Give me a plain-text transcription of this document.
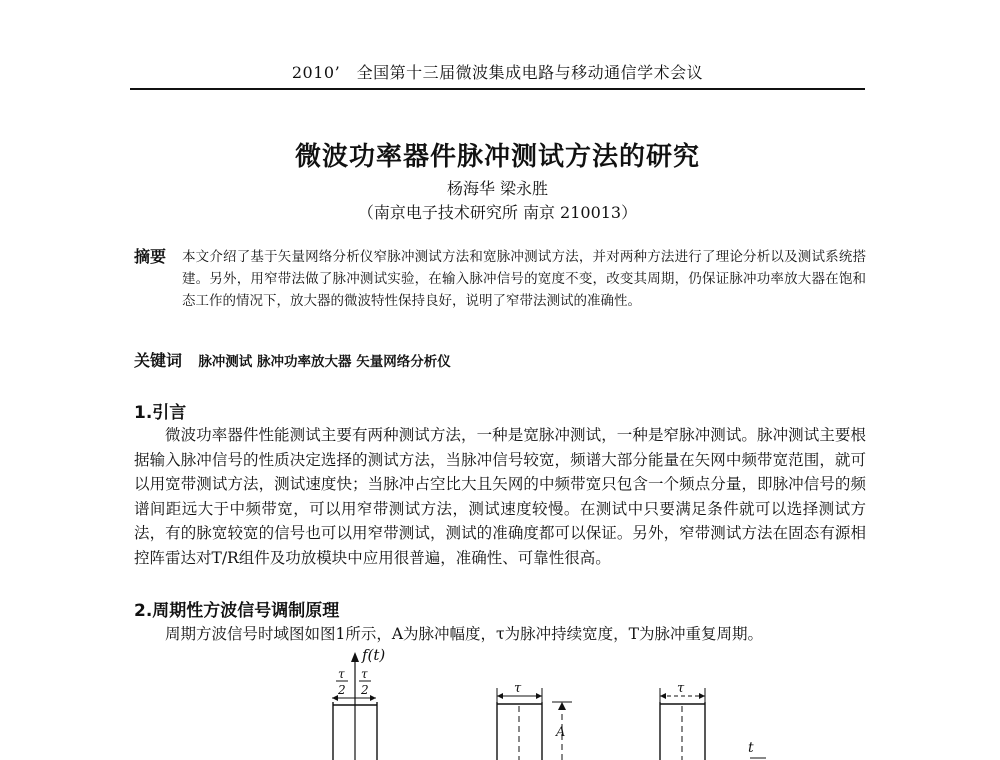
2010’　全国第十三届微波集成电路与移动通信学术会议
微波功率器件脉冲测试方法的研究
杨海华 梁永胜
（南京电子技术研究所 南京 210013）
摘要	本文介绍了基于矢量网络分析仪窄脉冲测试方法和宽脉冲测试方法，并对两种方法进行了理论分析以及测试系统搭建。另外，用窄带法做了脉冲测试实验，在输入脉冲信号的宽度不变，改变其周期，仍保证脉冲功率放大器在饱和态工作的情况下，放大器的微波特性保持良好，说明了窄带法测试的准确性。
关键词 脉冲测试 脉冲功率放大器 矢量网络分析仪
1.引言
微波功率器件性能测试主要有两种测试方法，一种是宽脉冲测试，一种是窄脉冲测试。脉冲测试主要根据输入脉冲信号的性质决定选择的测试方法，当脉冲信号较宽，频谱大部分能量在矢网中频带宽范围，就可以用宽带测试方法，测试速度快；当脉冲占空比大且矢网的中频带宽只包含一个频点分量，即脉冲信号的频谱间距远大于中频带宽，可以用窄带测试方法，测试速度较慢。在测试中只要满足条件就可以选择测试方法，有的脉宽较宽的信号也可以用窄带测试，测试的准确度都可以保证。另外，窄带测试方法在固态有源相控阵雷达对T/R组件及功放模块中应用很普遍，准确性、可靠性很高。
2.周期性方波信号调制原理
周期方波信号时域图如图1所示，A为脉冲幅度，τ为脉冲持续宽度，T为脉冲重复周期。
f(t)
τ
2
τ
2	τ
A
τ
t
